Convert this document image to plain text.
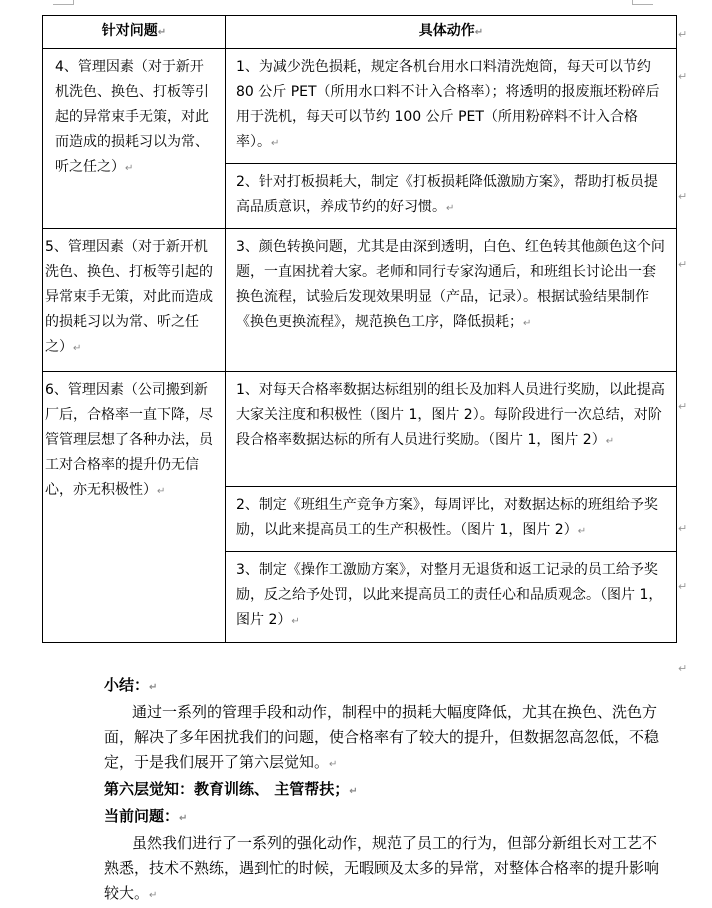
针对问题↵	具体动作↵
4、管理因素（对于新开机洗色、换色、打板等引起的异常束手无策，对此而造成的损耗习以为常、听之任之）↵	1、为减少洗色损耗，规定各机台用水口料清洗炮筒，每天可以节约 80 公斤 PET（所用水口料不计入合格率）；将透明的报废瓶坯粉碎后用于洗机，每天可以节约 100 公斤 PET（所用粉碎料不计入合格率）。↵
	2、针对打板损耗大，制定《打板损耗降低激励方案》，帮助打板员提高品质意识，养成节约的好习惯。↵
5、管理因素（对于新开机洗色、换色、打板等引起的异常束手无策，对此而造成的损耗习以为常、听之任之）↵	3、颜色转换问题，尤其是由深到透明，白色、红色转其他颜色这个问题，一直困扰着大家。老师和同行专家沟通后，和班组长讨论出一套换色流程，试验后发现效果明显（产品，记录）。根据试验结果制作《换色更换流程》，规范换色工序，降低损耗；↵
6、管理因素（公司搬到新厂后，合格率一直下降，尽管管理层想了各种办法，员工对合格率的提升仍无信心，亦无积极性）↵	1、对每天合格率数据达标组别的组长及加料人员进行奖励，以此提高大家关注度和积极性（图片 1，图片 2）。每阶段进行一次总结，对阶段合格率数据达标的所有人员进行奖励。（图片 1，图片 2）↵
	2、制定《班组生产竞争方案》，每周评比，对数据达标的班组给予奖励，以此来提高员工的生产积极性。（图片 1，图片 2）↵
	3、制定《操作工激励方案》，对整月无退货和返工记录的员工给予奖励，反之给予处罚，以此来提高员工的责任心和品质观念。（图片 1，图片 2）↵
↵
↵
↵
↵
↵
↵
↵
↵

小结：↵

通过一系列的管理手段和动作，制程中的损耗大幅度降低，尤其在换色、洗色方面，解决了多年困扰我们的问题，使合格率有了较大的提升，但数据忽高忽低，不稳定，于是我们展开了第六层觉知。↵

第六层觉知：教育训练、 主管帮扶；↵

当前问题：↵

虽然我们进行了一系列的强化动作，规范了员工的行为，但部分新组长对工艺不熟悉，技术不熟练，遇到忙的时候，无暇顾及太多的异常，对整体合格率的提升影响较大。↵
